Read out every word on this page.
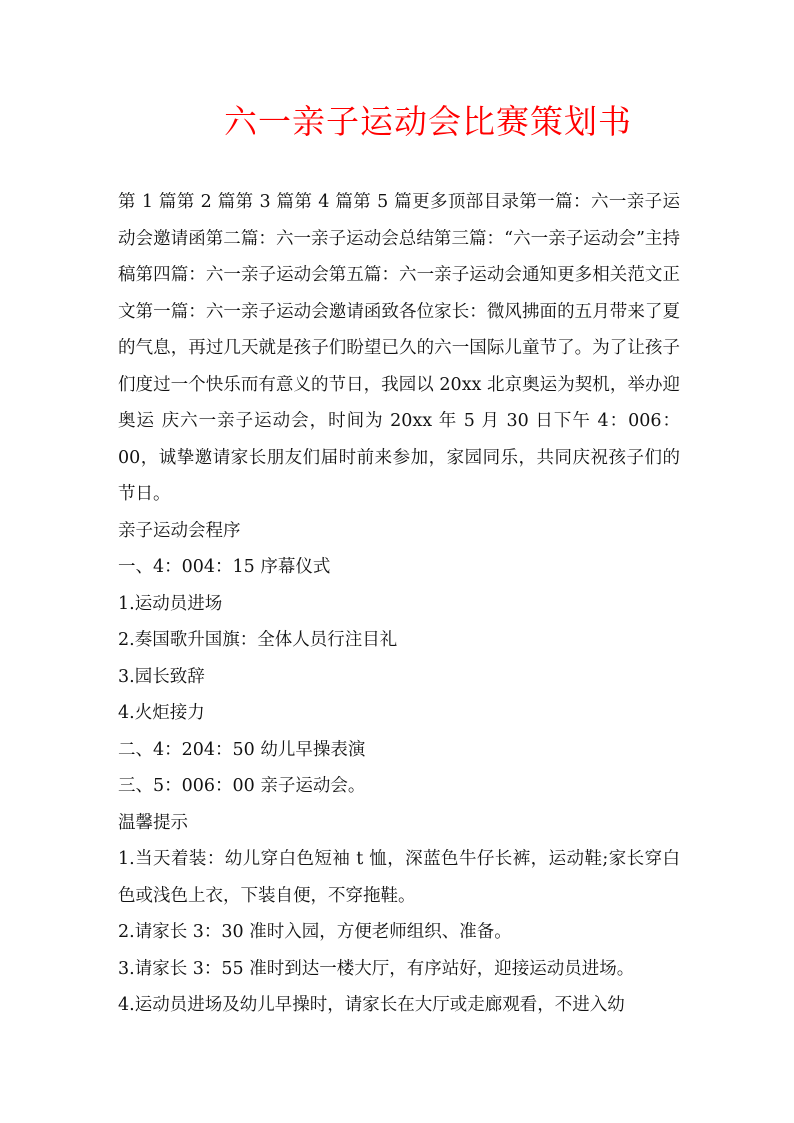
六一亲子运动会比赛策划书

第 1 篇第 2 篇第 3 篇第 4 篇第 5 篇更多顶部目录第一篇：六一亲子运动会邀请函第二篇：六一亲子运动会总结第三篇：“六一亲子运动会”主持稿第四篇：六一亲子运动会第五篇：六一亲子运动会通知更多相关范文正文第一篇：六一亲子运动会邀请函致各位家长：微风拂面的五月带来了夏的气息，再过几天就是孩子们盼望已久的六一国际儿童节了。为了让孩子们度过一个快乐而有意义的节日，我园以 20xx 北京奥运为契机，举办迎奥运 庆六一亲子运动会，时间为 20xx 年 5 月 30 日下午 4：006：00，诚挚邀请家长朋友们届时前来参加，家园同乐，共同庆祝孩子们的节日。

亲子运动会程序

一、4：004：15 序幕仪式

1.运动员进场

2.奏国歌升国旗：全体人员行注目礼

3.园长致辞

4.火炬接力

二、4：204：50 幼儿早操表演

三、5：006：00 亲子运动会。

温馨提示

1.当天着装：幼儿穿白色短袖 t 恤，深蓝色牛仔长裤，运动鞋;家长穿白色或浅色上衣，下装自便，不穿拖鞋。

2.请家长 3：30 准时入园，方便老师组织、准备。

3.请家长 3：55 准时到达一楼大厅，有序站好，迎接运动员进场。

4.运动员进场及幼儿早操时，请家长在大厅或走廊观看，不进入幼
